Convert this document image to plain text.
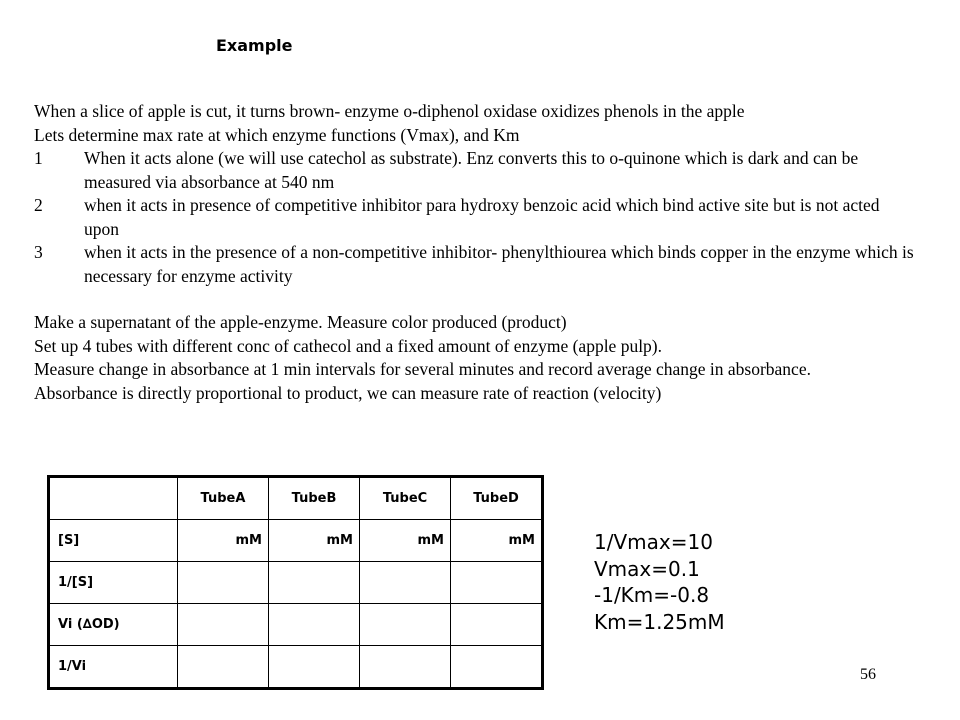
Example

When a slice of apple is cut, it turns brown- enzyme o-diphenol oxidase oxidizes phenols in the apple

Lets determine max rate at which enzyme functions (Vmax), and Km

1 When it acts alone (we will use catechol as substrate). Enz converts this to o-quinone which is dark and can be measured via absorbance at 540 nm
2 when it acts in presence of competitive inhibitor para hydroxy benzoic acid which bind active site but is not acted upon
3 when it acts in the presence of a non-competitive inhibitor- phenylthiourea which binds copper in the enzyme which is necessary for enzyme activity

Make a supernatant of the apple-enzyme. Measure color produced (product)

Set up 4 tubes with different conc of cathecol and a fixed amount of enzyme (apple pulp).

Measure change in absorbance at 1 min intervals for several minutes and record average change in absorbance.

Absorbance is directly proportional to product, we can measure rate of reaction (velocity)

	TubeA	TubeB	TubeC	TubeD
[S]	mM	mM	mM	mM
1/[S]				
Vi (∆OD)				
1/Vi				
1/Vmax=10
Vmax=0.1
-1/Km=-0.8
Km=1.25mM
56
